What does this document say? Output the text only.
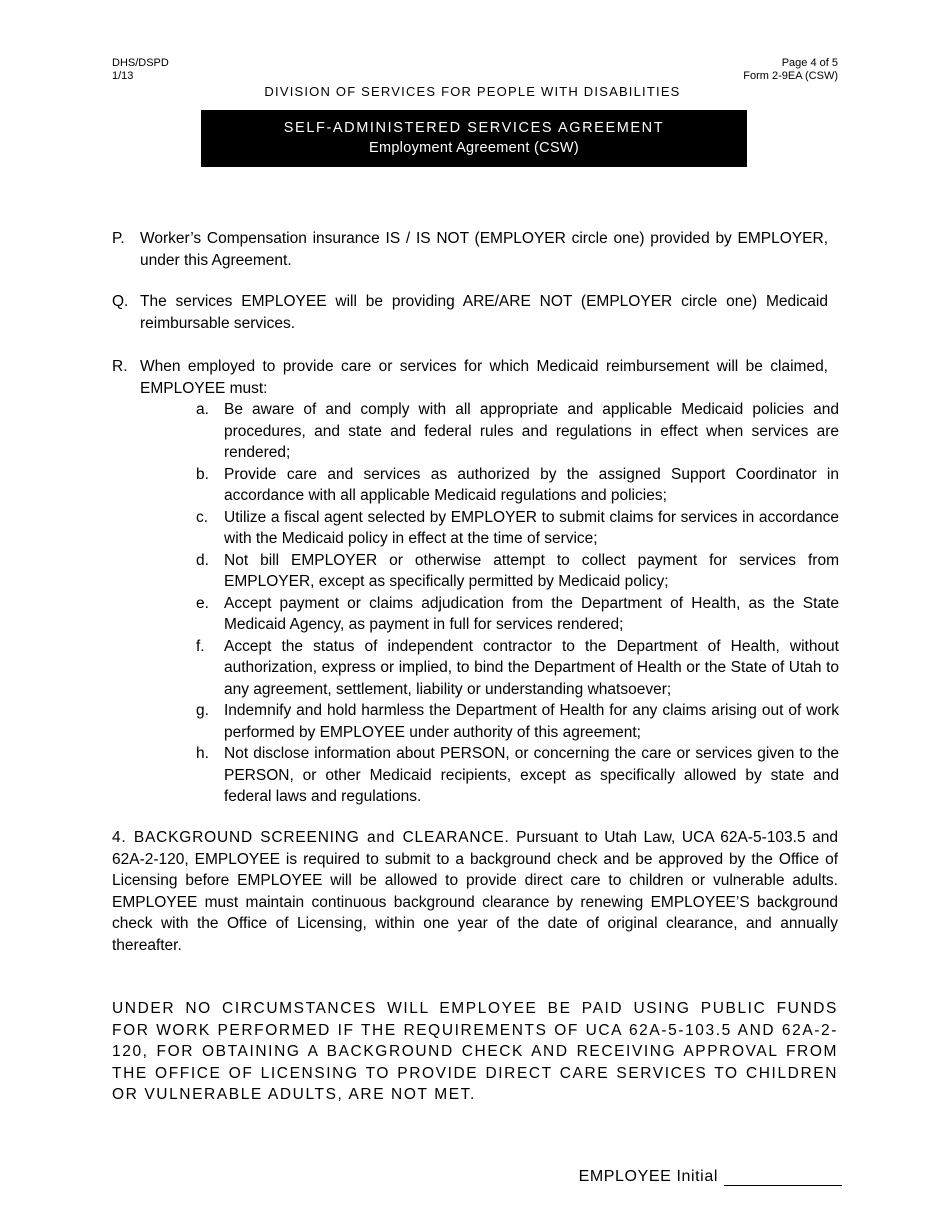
DHS/DSPD
1/13
Page 4 of 5
Form 2-9EA (CSW)
DIVISION OF SERVICES FOR PEOPLE WITH DISABILITIES
SELF-ADMINISTERED SERVICES AGREEMENT
Employment Agreement (CSW)
P. Worker’s Compensation insurance IS / IS NOT (EMPLOYER circle one) provided by EMPLOYER, under this Agreement.
Q. The services EMPLOYEE will be providing ARE/ARE NOT (EMPLOYER circle one) Medicaid reimbursable services.
R. When employed to provide care or services for which Medicaid reimbursement will be claimed, EMPLOYEE must:
a. Be aware of and comply with all appropriate and applicable Medicaid policies and procedures, and state and federal rules and regulations in effect when services are rendered;
b. Provide care and services as authorized by the assigned Support Coordinator in accordance with all applicable Medicaid regulations and policies;
c. Utilize a fiscal agent selected by EMPLOYER to submit claims for services in accordance with the Medicaid policy in effect at the time of service;
d. Not bill EMPLOYER or otherwise attempt to collect payment for services from EMPLOYER, except as specifically permitted by Medicaid policy;
e. Accept payment or claims adjudication from the Department of Health, as the State Medicaid Agency, as payment in full for services rendered;
f. Accept the status of independent contractor to the Department of Health, without authorization, express or implied, to bind the Department of Health or the State of Utah to any agreement, settlement, liability or understanding whatsoever;
g. Indemnify and hold harmless the Department of Health for any claims arising out of work performed by EMPLOYEE under authority of this agreement;
h. Not disclose information about PERSON, or concerning the care or services given to the PERSON, or other Medicaid recipients, except as specifically allowed by state and federal laws and regulations.
4. BACKGROUND SCREENING and CLEARANCE. Pursuant to Utah Law, UCA 62A-5-103.5 and 62A-2-120, EMPLOYEE is required to submit to a background check and be approved by the Office of Licensing before EMPLOYEE will be allowed to provide direct care to children or vulnerable adults. EMPLOYEE must maintain continuous background clearance by renewing EMPLOYEE’S background check with the Office of Licensing, within one year of the date of original clearance, and annually thereafter.
UNDER NO CIRCUMSTANCES WILL EMPLOYEE BE PAID USING PUBLIC FUNDS FOR WORK PERFORMED IF THE REQUIREMENTS OF UCA 62A-5-103.5 AND 62A-2-120, FOR OBTAINING A BACKGROUND CHECK AND RECEIVING APPROVAL FROM THE OFFICE OF LICENSING TO PROVIDE DIRECT CARE SERVICES TO CHILDREN OR VULNERABLE ADULTS, ARE NOT MET.
EMPLOYEE Initial
